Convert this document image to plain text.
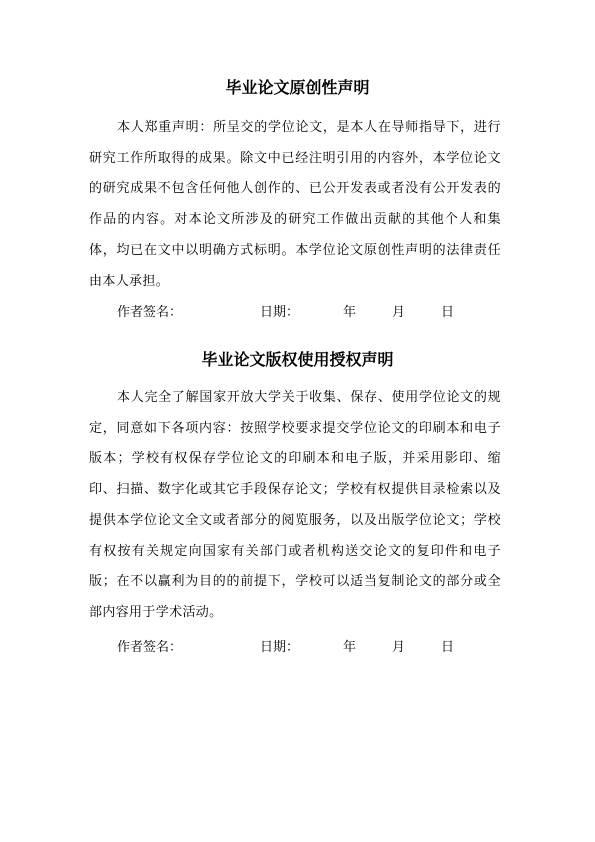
毕业论文原创性声明

本人郑重声明：所呈交的学位论文，是本人在导师指导下，进行研究工作所取得的成果。除文中已经注明引用的内容外，本学位论文的研究成果不包含任何他人创作的、已公开发表或者没有公开发表的作品的内容。对本论文所涉及的研究工作做出贡献的其他个人和集体，均已在文中以明确方式标明。本学位论文原创性声明的法律责任由本人承担。

作者签名：	日期：	年	月	日
毕业论文版权使用授权声明

本人完全了解国家开放大学关于收集、保存、使用学位论文的规定，同意如下各项内容：按照学校要求提交学位论文的印刷本和电子版本；学校有权保存学位论文的印刷本和电子版，并采用影印、缩印、扫描、数字化或其它手段保存论文；学校有权提供目录检索以及提供本学位论文全文或者部分的阅览服务，以及出版学位论文；学校有权按有关规定向国家有关部门或者机构送交论文的复印件和电子版；在不以赢利为目的的前提下，学校可以适当复制论文的部分或全部内容用于学术活动。

作者签名：	日期：	年	月	日
